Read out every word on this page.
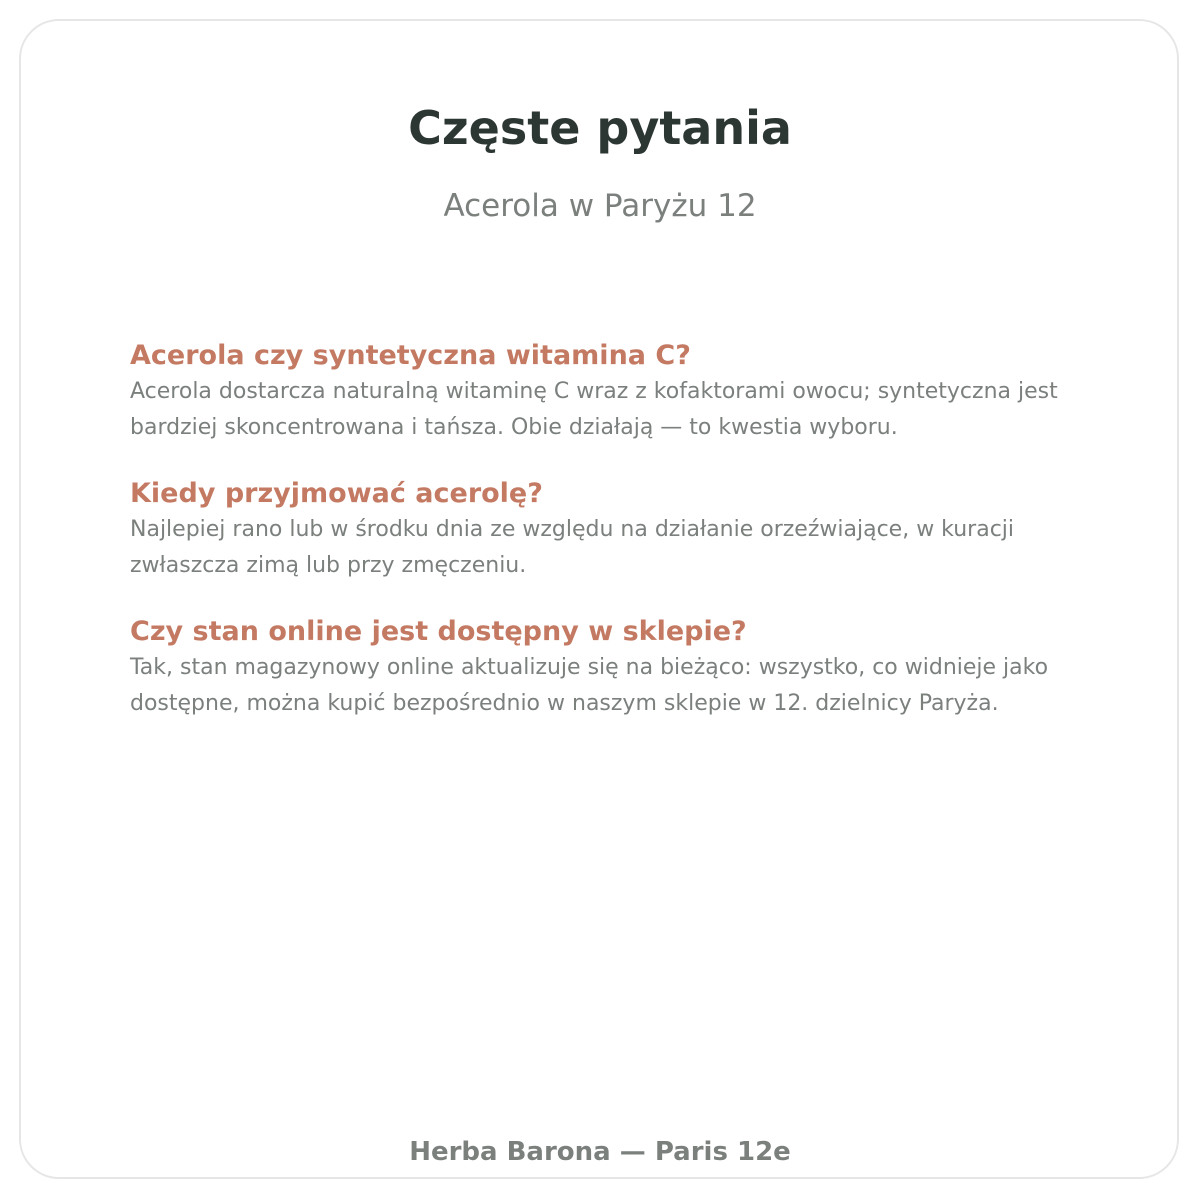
Częste pytania

Acerola w Paryżu 12

Acerola czy syntetyczna witamina C?

Acerola dostarcza naturalną witaminę C wraz z kofaktorami owocu; syntetyczna jest bardziej skoncentrowana i tańsza. Obie działają — to kwestia wyboru.

Kiedy przyjmować acerolę?

Najlepiej rano lub w środku dnia ze względu na działanie orzeźwiające, w kuracji zwłaszcza zimą lub przy zmęczeniu.

Czy stan online jest dostępny w sklepie?

Tak, stan magazynowy online aktualizuje się na bieżąco: wszystko, co widnieje jako dostępne, można kupić bezpośrednio w naszym sklepie w 12. dzielnicy Paryża.

Herba Barona — Paris 12e
